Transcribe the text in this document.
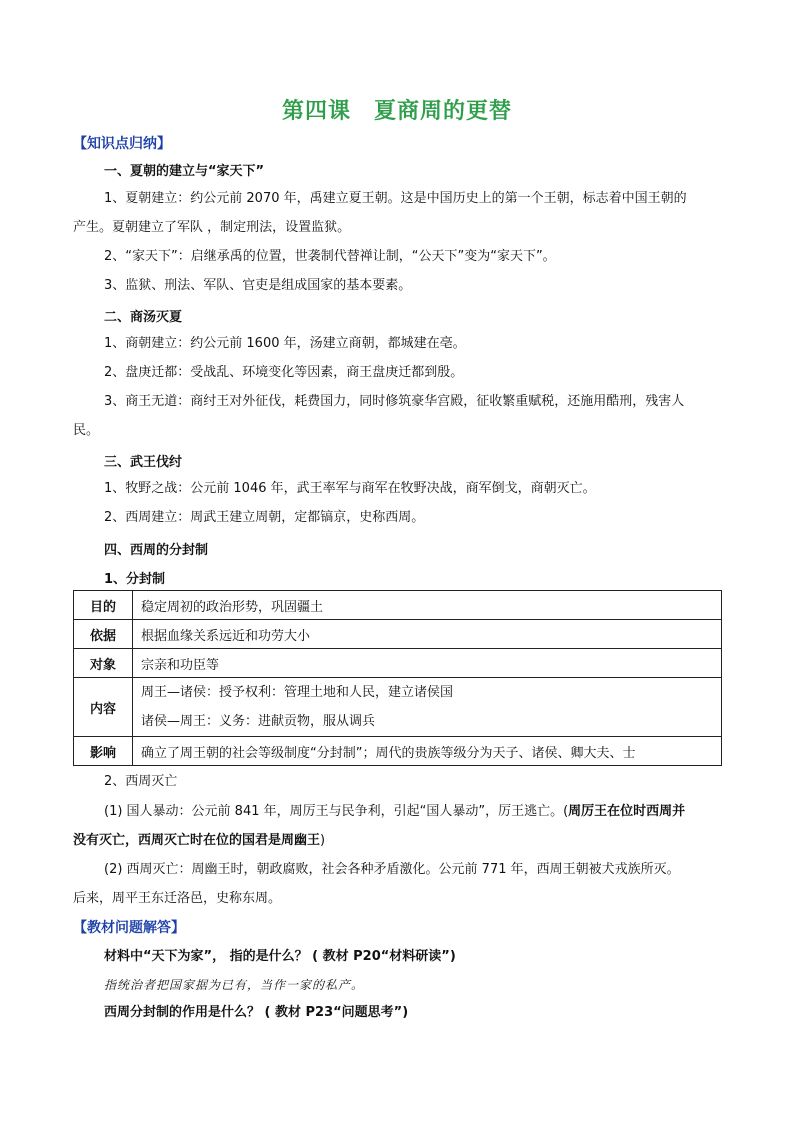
第四课　夏商周的更替
【知识点归纳】
一、夏朝的建立与“家天下”
1、夏朝建立：约公元前 2070 年，禹建立夏王朝。这是中国历史上的第一个王朝，标志着中国王朝的
产生。夏朝建立了军队 ，制定刑法，设置监狱。
2、“家天下”：启继承禹的位置，世袭制代替禅让制，“公天下”变为“家天下”。
3、监狱、刑法、军队、官吏是组成国家的基本要素。
二、商汤灭夏
1、商朝建立：约公元前 1600 年，汤建立商朝，都城建在亳。
2、盘庚迁都：受战乱、环境变化等因素，商王盘庚迁都到殷。
3、商王无道：商纣王对外征伐，耗费国力，同时修筑豪华宫殿，征收繁重赋税，还施用酷刑，残害人
民。
三、武王伐纣
1、牧野之战：公元前 1046 年，武王率军与商军在牧野决战，商军倒戈，商朝灭亡。
2、西周建立：周武王建立周朝，定都镐京，史称西周。
四、西周的分封制
1、分封制
目的	稳定周初的政治形势，巩固疆土
依据	根据血缘关系远近和功劳大小
对象	宗亲和功臣等
内容	周王—诸侯：授予权利：管理土地和人民，建立诸侯国
诸侯—周王：义务：进献贡物，服从调兵

影响	确立了周王朝的社会等级制度“分封制”；周代的贵族等级分为天子、诸侯、卿大夫、士
2、西周灭亡
(1) 国人暴动：公元前 841 年，周厉王与民争利，引起“国人暴动”，厉王逃亡。(周厉王在位时西周并
没有灭亡，西周灭亡时在位的国君是周幽王)
(2) 西周灭亡：周幽王时，朝政腐败，社会各种矛盾激化。公元前 771 年，西周王朝被犬戎族所灭。
后来，周平王东迁洛邑，史称东周。
【教材问题解答】
材料中“天下为家”， 指的是什么？ ( 教材 P20“材料研读”)
指统治者把国家据为已有，当作一家的私产。
西周分封制的作用是什么？ ( 教材 P23“问题思考”)
